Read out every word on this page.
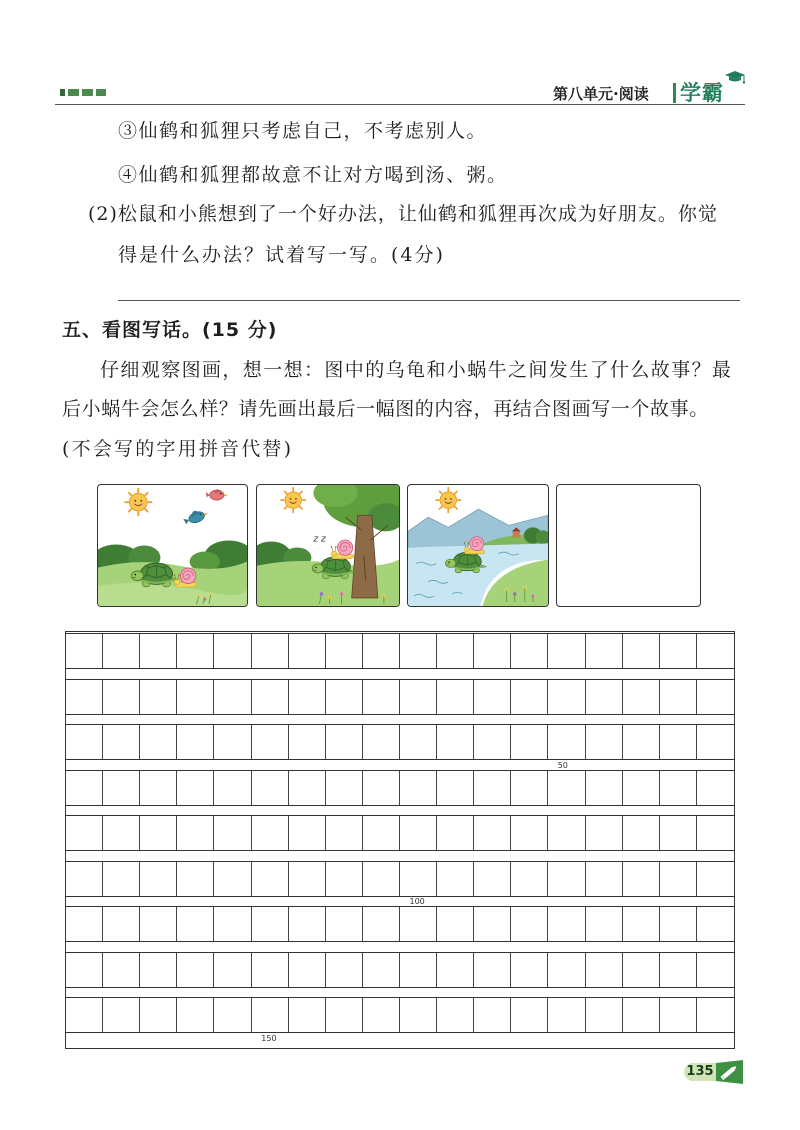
第八单元·阅读 学霸
③仙鹤和狐狸只考虑自己，不考虑别人。
④仙鹤和狐狸都故意不让对方喝到汤、粥。
(2)松鼠和小熊想到了一个好办法，让仙鹤和狐狸再次成为好朋友。你觉
得是什么办法？试着写一写。(4分)
五、看图写话。(15 分)
仔细观察图画，想一想：图中的乌龟和小蜗牛之间发生了什么故事？最
后小蜗牛会怎么样？请先画出最后一幅图的内容，再结合图画写一个故事。
(不会写的字用拼音代替)
z z
50
100
150
135
